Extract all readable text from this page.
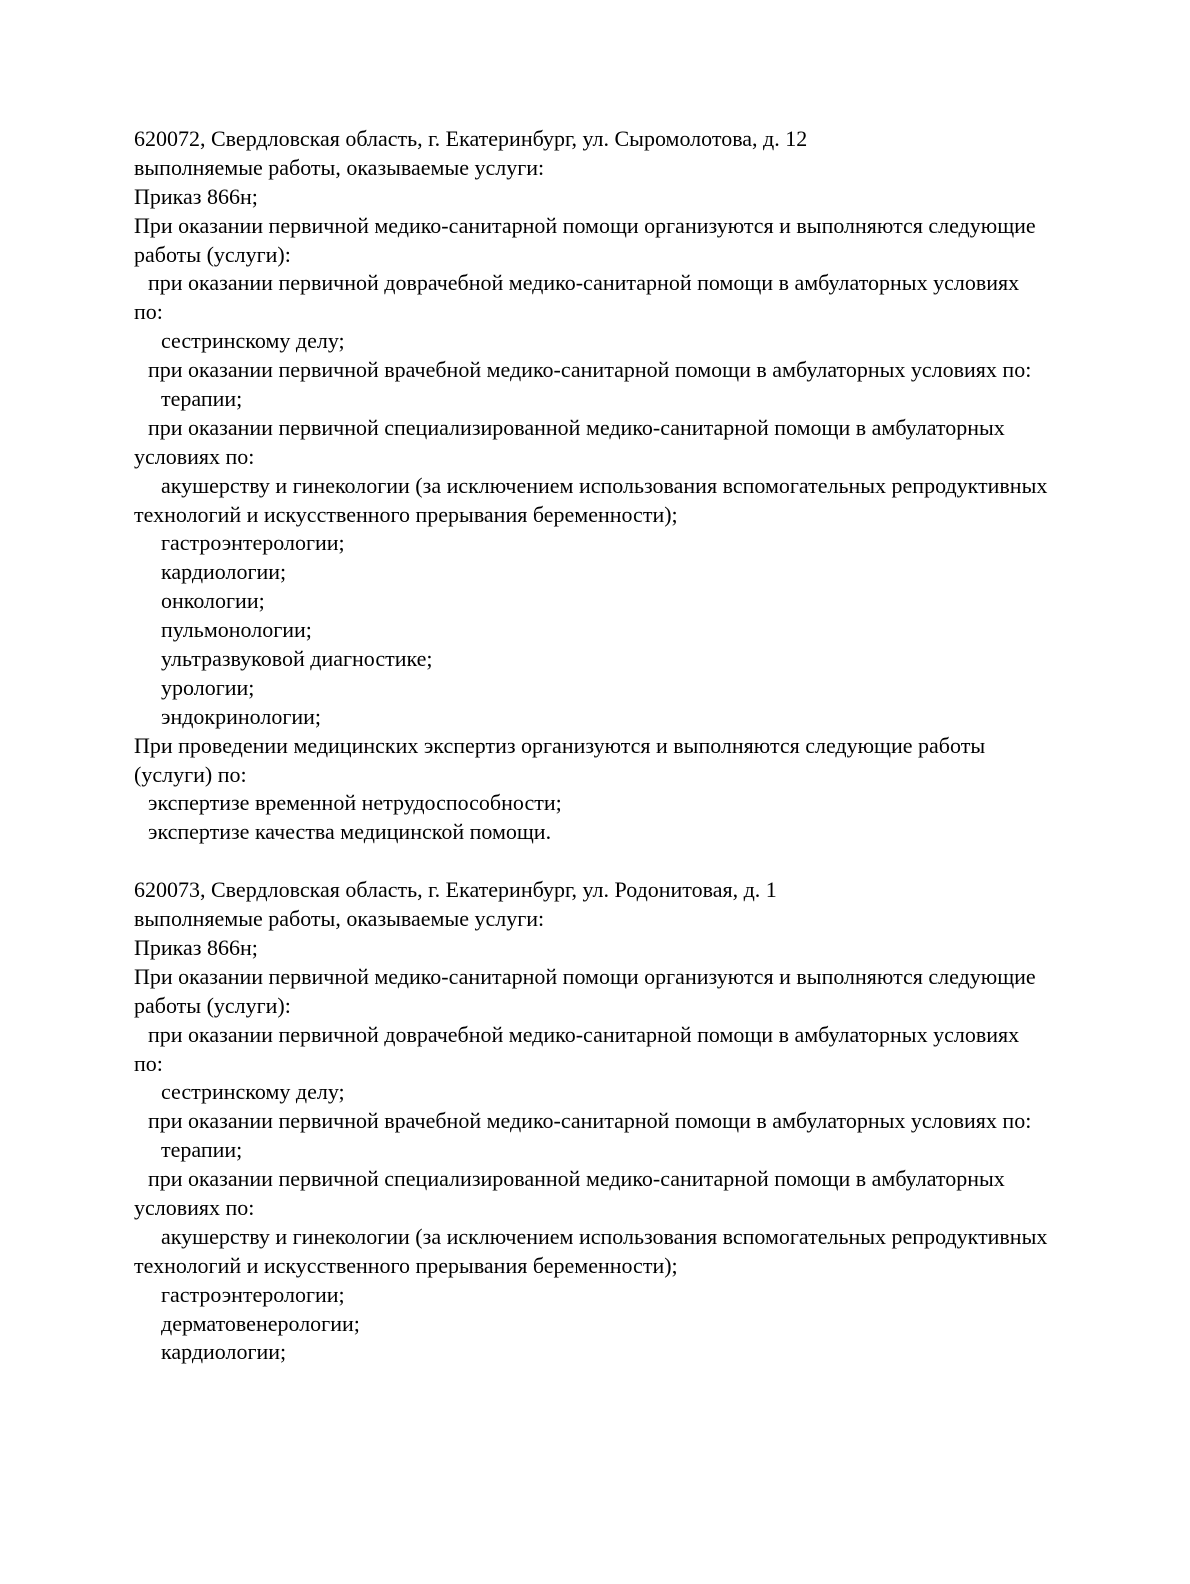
620072, Свердловская область, г. Екатеринбург, ул. Сыромолотова, д. 12
выполняемые работы, оказываемые услуги:
Приказ 866н;
При оказании первичной медико-санитарной помощи организуются и выполняются следующие
работы (услуги):
при оказании первичной доврачебной медико-санитарной помощи в амбулаторных условиях
по:
сестринскому делу;
при оказании первичной врачебной медико-санитарной помощи в амбулаторных условиях по:
терапии;
при оказании первичной специализированной медико-санитарной помощи в амбулаторных
условиях по:
акушерству и гинекологии (за исключением использования вспомогательных репродуктивных
технологий и искусственного прерывания беременности);
гастроэнтерологии;
кардиологии;
онкологии;
пульмонологии;
ультразвуковой диагностике;
урологии;
эндокринологии;
При проведении медицинских экспертиз организуются и выполняются следующие работы
(услуги) по:
экспертизе временной нетрудоспособности;
экспертизе качества медицинской помощи.
620073, Свердловская область, г. Екатеринбург, ул. Родонитовая, д. 1
выполняемые работы, оказываемые услуги:
Приказ 866н;
При оказании первичной медико-санитарной помощи организуются и выполняются следующие
работы (услуги):
при оказании первичной доврачебной медико-санитарной помощи в амбулаторных условиях
по:
сестринскому делу;
при оказании первичной врачебной медико-санитарной помощи в амбулаторных условиях по:
терапии;
при оказании первичной специализированной медико-санитарной помощи в амбулаторных
условиях по:
акушерству и гинекологии (за исключением использования вспомогательных репродуктивных
технологий и искусственного прерывания беременности);
гастроэнтерологии;
дерматовенерологии;
кардиологии;
